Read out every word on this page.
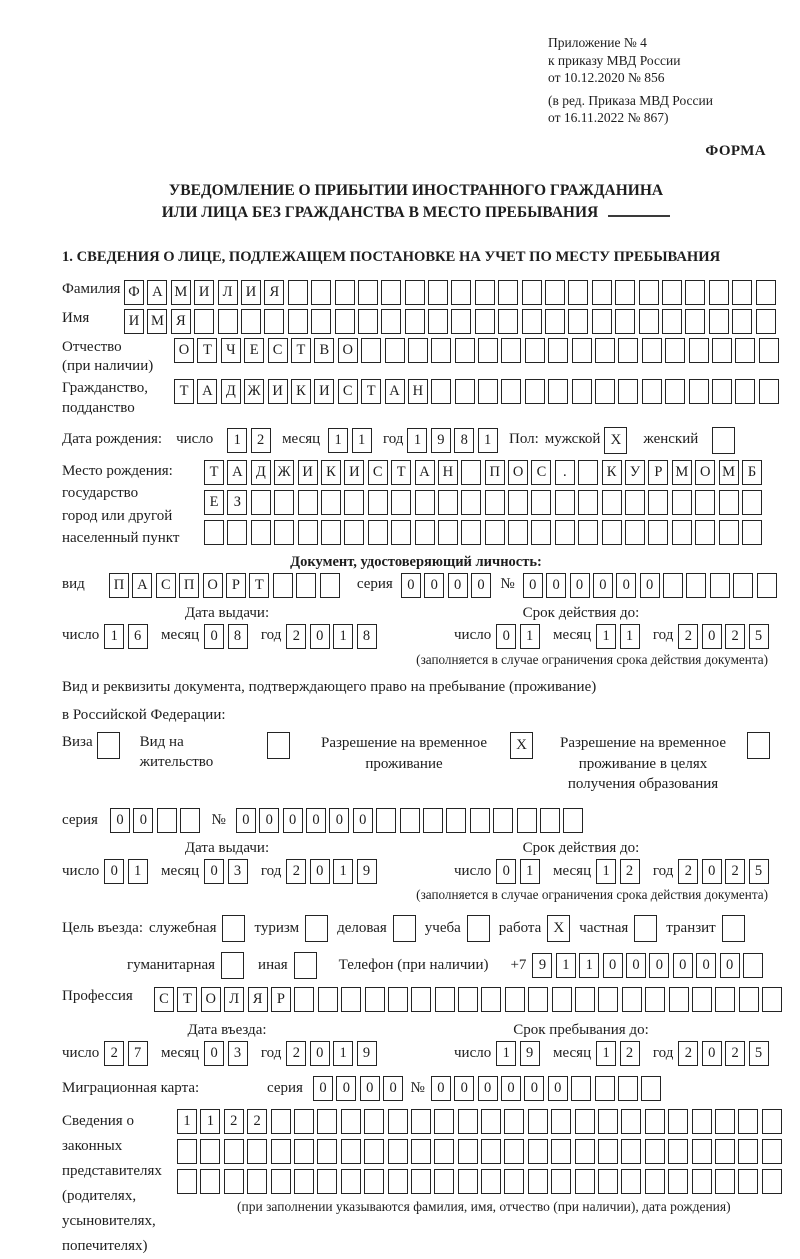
Приложение № 4
к приказу МВД России
от 10.12.2020 № 856
(в ред. Приказа МВД России
от 16.11.2022 № 867)
ФОРМА
УВЕДОМЛЕНИЕ О ПРИБЫТИИ ИНОСТРАННОГО ГРАЖДАНИНА
ИЛИ ЛИЦА БЕЗ ГРАЖДАНСТВА В МЕСТО ПРЕБЫВАНИЯ
1. СВЕДЕНИЯ О ЛИЦЕ, ПОДЛЕЖАЩЕМ ПОСТАНОВКЕ НА УЧЕТ ПО МЕСТУ ПРЕБЫВАНИЯ
Фамилия Ф А М И Л И Я
Имя	И М Я
Отчество
(при наличии)
О Т Ч Е С Т В О
Гражданство,
подданство
Т А Д Ж И К И С Т А Н
Дата рождения: число	1	2	месяц 1	1	год 1	9	8	1	Пол: мужской X	женский
Место рождения:
государство
город или другой
населенный пункт
Т А Д Ж И К И С Т А Н	П О С	.	К У Р М О М Б
Е	З
Документ, удостоверяющий личность:
вид	П А С П О Р	Т	серия 0	0	0	0	№ 0	0	0	0	0	0
Дата выдачи:	Срок действия до:
число 1	6	месяц 0	8	год 2	0	1	8	число 0	1	месяц 1	1	год 2	0	2	5
(заполняется в случае ограничения срока действия документа)
Вид и реквизиты документа, подтверждающего право на пребывание (проживание)
в Российской Федерации:
Виза	Вид на жительство
Разрешение на временное
проживание
X	Разрешение на временное
проживание в целях
получения образования
серия	0	0	№	0	0	0	0	0	0
Дата выдачи:	Срок действия до:
число 0	1	месяц 0	3	год 2	0	1	9	число 0	1	месяц 1	2	год 2	0	2	5
(заполняется в случае ограничения срока действия документа)
Цель въезда: служебная	туризм	деловая	учеба	работа X	частная	транзит
гуманитарная	иная	Телефон (при наличии) +7 9	1	1	0	0	0	0	0	0
Профессия	С Т О Л Я	Р
Дата въезда:	Срок пребывания до:
число 2	7	месяц 0	3	год 2	0	1	9	число 1	9	месяц 1	2	год 2	0	2	5
Миграционная карта:	серия	0	0	0	0 № 0	0	0	0	0	0
Сведения о
законных
представителях
(родителях,
усыновителях,
попечителях)
1	1	2	2
(при заполнении указываются фамилия, имя, отчество (при наличии), дата рождения)
